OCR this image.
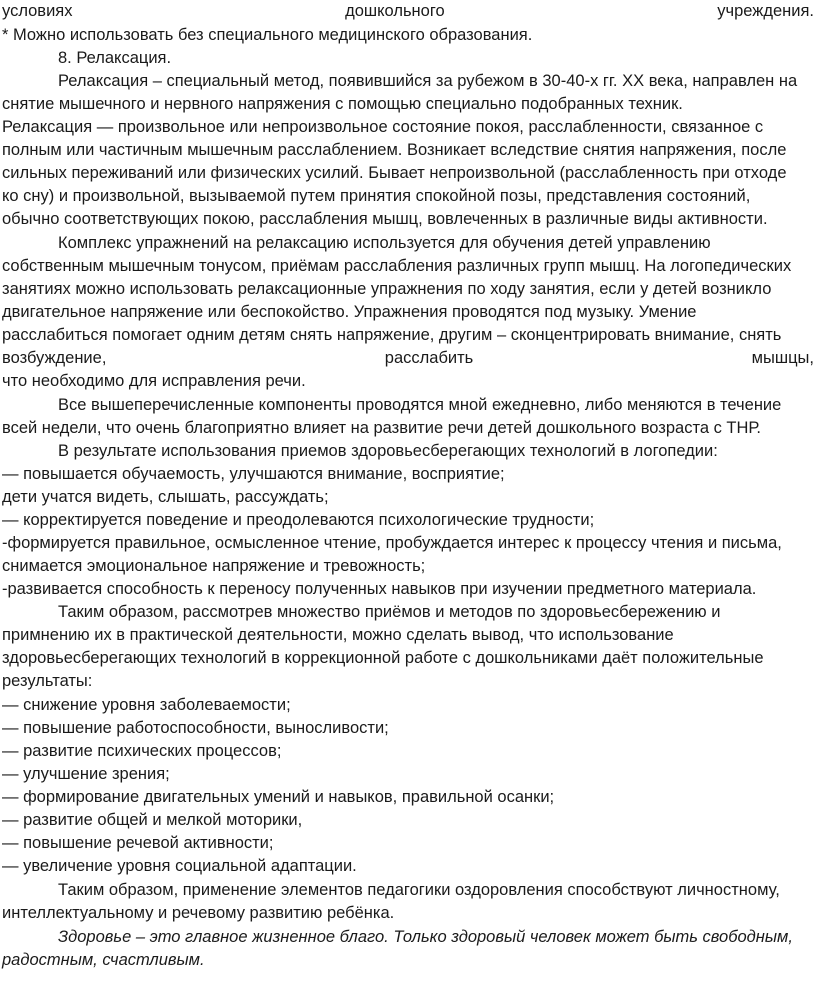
условиях	дошкольного	учреждения.
* Можно использовать без специального медицинского образования.
8. Релаксация.
Релаксация – специальный метод, появившийся за рубежом в 30-40-х гг. ХХ века, направлен на
снятие мышечного и нервного напряжения с помощью специально подобранных техник.
Релаксация — произвольное или непроизвольное состояние покоя, расслабленности, связанное с
полным или частичным мышечным расслаблением. Возникает вследствие снятия напряжения, после
сильных переживаний или физических усилий. Бывает непроизвольной (расслабленность при отходе
ко сну) и произвольной, вызываемой путем принятия спокойной позы, представления состояний,
обычно соответствующих покою, расслабления мышц, вовлеченных в различные виды активности.
Комплекс упражнений на релаксацию используется для обучения детей управлению
собственным мышечным тонусом, приёмам расслабления различных групп мышц. На логопедических
занятиях можно использовать релаксационные упражнения по ходу занятия, если у детей возникло
двигательное напряжение или беспокойство. Упражнения проводятся под музыку. Умение
расслабиться помогает одним детям снять напряжение, другим – сконцентрировать внимание, снять
возбуждение,	расслабить	мышцы,
что необходимо для исправления речи.
Все вышеперечисленные компоненты проводятся мной ежедневно, либо меняются в течение
всей недели, что очень благоприятно влияет на развитие речи детей дошкольного возраста с ТНР.
В результате использования приемов здоровьесберегающих технологий в логопедии:
— повышается обучаемость, улучшаются внимание, восприятие;
дети учатся видеть, слышать, рассуждать;
— корректируется поведение и преодолеваются психологические трудности;
-формируется правильное, осмысленное чтение, пробуждается интерес к процессу чтения и письма,
снимается эмоциональное напряжение и тревожность;
-развивается способность к переносу полученных навыков при изучении предметного материала.
Таким образом, рассмотрев множество приёмов и методов по здоровьесбережению и
примнению их в практической деятельности, можно сделать вывод, что использование
здоровьесберегающих технологий в коррекционной работе с дошкольниками даёт положительные
результаты:
— снижение уровня заболеваемости;
— повышение работоспособности, выносливости;
— развитие психических процессов;
— улучшение зрения;
— формирование двигательных умений и навыков, правильной осанки;
— развитие общей и мелкой моторики,
— повышение речевой активности;
— увеличение уровня социальной адаптации.
Таким образом, применение элементов педагогики оздоровления способствуют личностному,
интеллектуальному и речевому развитию ребёнка.
Здоровье – это главное жизненное благо. Только здоровый человек может быть свободным,
радостным, счастливым.
